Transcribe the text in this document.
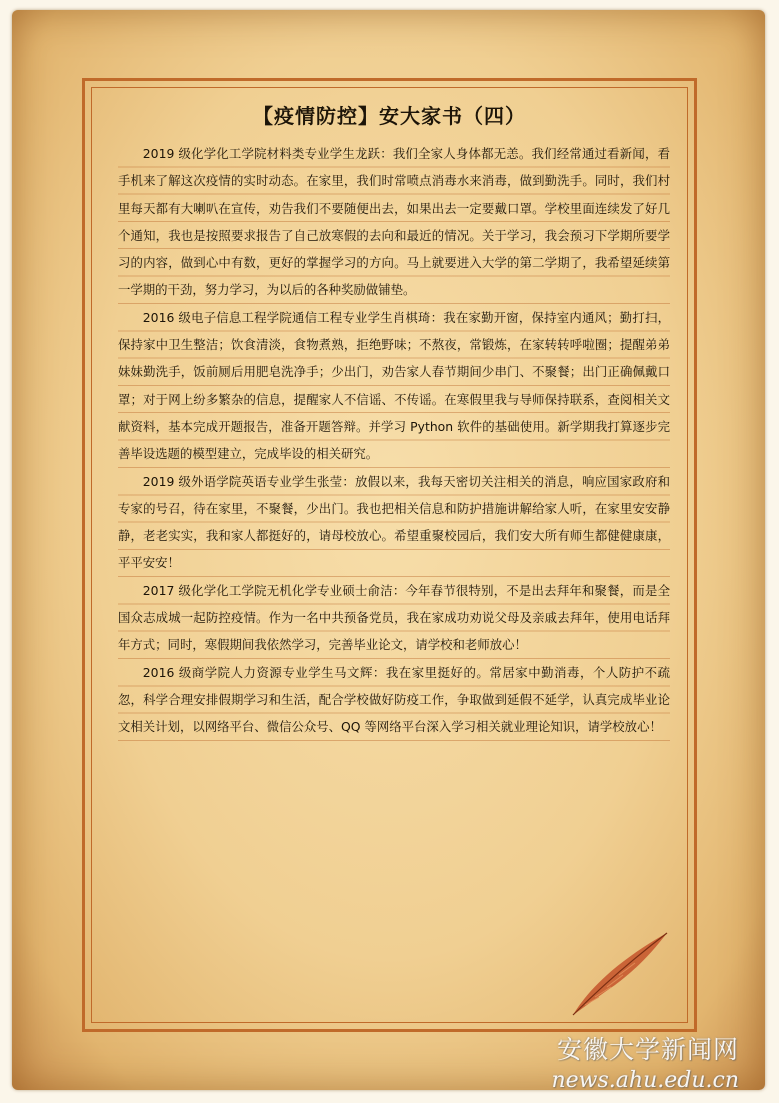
【疫情防控】安大家书（四）

2019 级化学化工学院材料类专业学生龙跃：我们全家人身体都无恙。我们经常通过看新闻，看手机来了解这次疫情的实时动态。在家里，我们时常喷点消毒水来消毒，做到勤洗手。同时，我们村里每天都有大喇叭在宣传，劝告我们不要随便出去，如果出去一定要戴口罩。学校里面连续发了好几个通知，我也是按照要求报告了自己放寒假的去向和最近的情况。关于学习，我会预习下学期所要学习的内容，做到心中有数，更好的掌握学习的方向。马上就要进入大学的第二学期了，我希望延续第一学期的干劲，努力学习，为以后的各种奖励做铺垫。

2016 级电子信息工程学院通信工程专业学生肖棋琦：我在家勤开窗，保持室内通风；勤打扫，保持家中卫生整洁；饮食清淡，食物煮熟，拒绝野味；不熬夜，常锻炼，在家转转呼啦圈；提醒弟弟妹妹勤洗手，饭前厕后用肥皂洗净手；少出门，劝告家人春节期间少串门、不聚餐；出门正确佩戴口罩；对于网上纷多繁杂的信息，提醒家人不信谣、不传谣。在寒假里我与导师保持联系，查阅相关文献资料，基本完成开题报告，准备开题答辩。并学习 Python 软件的基础使用。新学期我打算逐步完善毕设选题的模型建立，完成毕设的相关研究。

2019 级外语学院英语专业学生张莹：放假以来，我每天密切关注相关的消息，响应国家政府和专家的号召，待在家里，不聚餐，少出门。我也把相关信息和防护措施讲解给家人听，在家里安安静静，老老实实，我和家人都挺好的，请母校放心。希望重聚校园后，我们安大所有师生都健健康康，平平安安！

2017 级化学化工学院无机化学专业硕士俞洁：今年春节很特别，不是出去拜年和聚餐，而是全国众志成城一起防控疫情。作为一名中共预备党员，我在家成功劝说父母及亲戚去拜年，使用电话拜年方式；同时，寒假期间我依然学习，完善毕业论文，请学校和老师放心！

2016 级商学院人力资源专业学生马文辉：我在家里挺好的。常居家中勤消毒，个人防护不疏忽，科学合理安排假期学习和生活，配合学校做好防疫工作，争取做到延假不延学，认真完成毕业论文相关计划，以网络平台、微信公众号、QQ 等网络平台深入学习相关就业理论知识，请学校放心！

安徽大学新闻网
news.ahu.edu.cn
